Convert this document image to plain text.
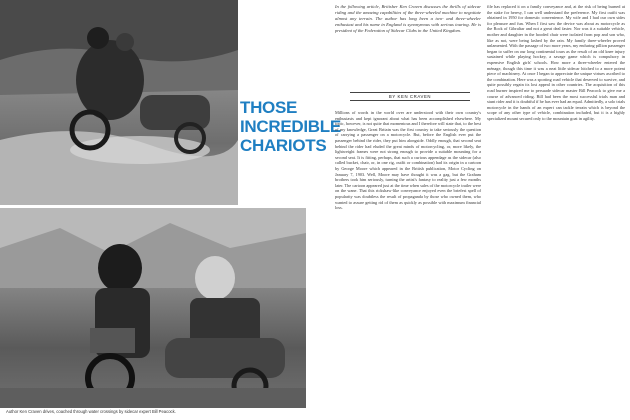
Author Ken Craven drives, coached through water crossings by sidecar expert Bill Peacock.
THOSE
INCREDIBLE
CHARIOTS
In the following article, Britisher Ken Craven discusses the thrills of sidecar riding and the amazing capabilities of the three-wheeled machine to negotiate almost any terrain. The author has long been a two- and three-wheeler enthusiast and his name in England is synonymous with serious touring. He is president of the Federation of Sidecar Clubs in the United Kingdom.
BY KEN CRAVEN
Millions of words in the world over are understood with their own country's enthusiasts and kept ignorant about what has been accomplished elsewhere. My topic, however, is not quite that momentous and I therefore will state that, to the best of my knowledge, Great Britain was the first country to take seriously the question of carrying a passenger on a motorcycle. But, before the English ever put the passenger behind the rider, they put him alongside. Oddly enough, that second seat behind the rider had eluded the great minds of motorcycling, or, more likely, the lightweight frames were not strong enough to provide a suitable mounting for a second seat. It is fitting, perhaps, that such a curious appendage as the sidecar (also called bucket, chair, or, in one rig, outfit or combination) had its origin in a cartoon by George Moore which appeared in the British publication, Motor Cycling on January 7, 1903. Well, Moore may have thought it was a gag, but the Graham brothers took him seriously, turning the artist's fantasy to reality just a few months later. The cartoon appeared just at the time when sales of the motorcycle trailer were on the wane. That this rickshaw-like conveyance enjoyed even the briefest spell of popularity was doubtless the result of propaganda by those who owned them, who wanted to assure getting rid of them as quickly as possible with maximum financial loss.
file has replaced it on a family conveyance and, at the risk of being burned at the stake for heresy, I can well understand the preference. My first outfit was obtained in 1950 for domestic convenience. My wife and I had our own sides for pleasure and fun. When I first saw the device was about as motorcycle as the Rock of Gibraltar and not a great deal faster. Nor was it a suitable vehicle, mother and daughter in the hooded chair were isolated from pop and son who, like as not, were being lashed by the rain. My family three-wheeler proved unlamented. With the passage of two more years, my enduring pillion passenger began to suffer on our long continental tours as the result of an old knee injury sustained while playing hockey, a savage game which is compulsory in expensive English girls' schools. How more a three-wheeler entered the ménage, though this time it was a neat little sidecar hitched to a more potent piece of machinery. At once I began to appreciate the unique virtues ascribed to the combination. Here was a sporting road vehicle that deserved to survive, and quite possibly regain its lost appeal in other countries. The acquisition of this road burner inspired me to persuade sidecar master Bill Peacock to give me a course of advanced riding. Bill had been the most successful trials man and stunt rider and it is doubtful if he has ever had an equal. Admittedly, a solo trials motorcycle in the hands of an expert can tackle terrain which is beyond the scope of any other type of vehicle, combination included, but it is a highly specialized mount secured only to the mountain goat in agility.
